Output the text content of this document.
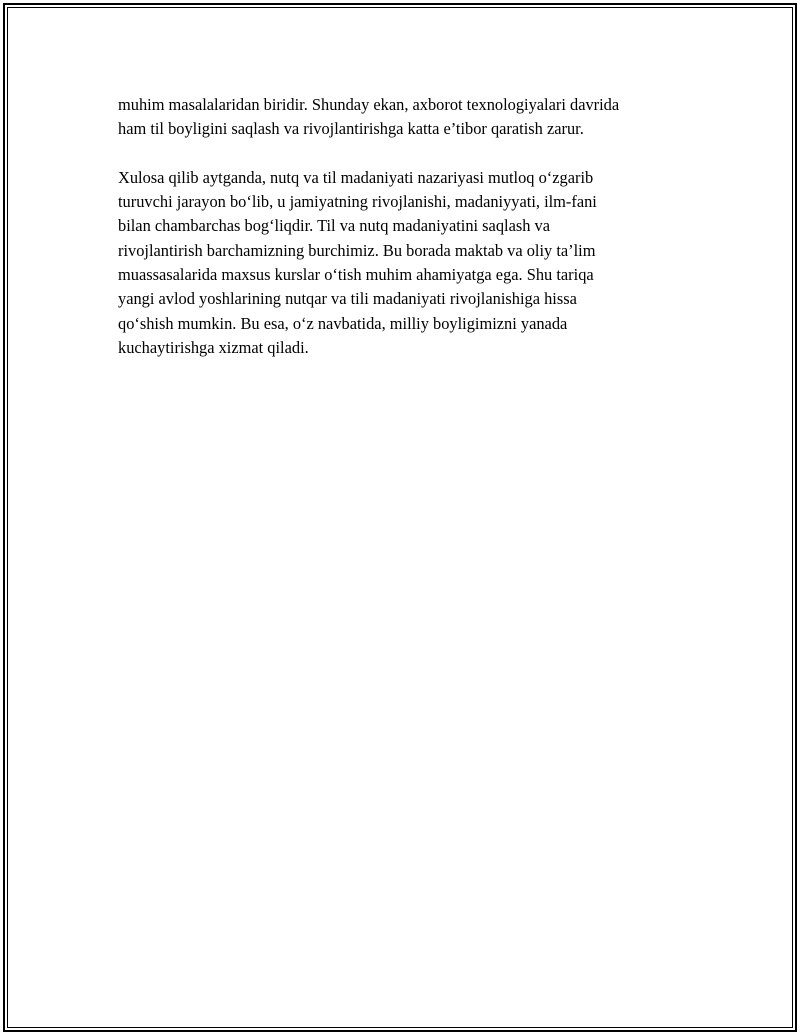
muhim masalalaridan biridir. Shunday ekan, axborot texnologiyalari davrida
ham til boyligini saqlash va rivojlantirishga katta e’tibor qaratish zarur.

Xulosa qilib aytganda, nutq va til madaniyati nazariyasi mutloq o‘zgarib
turuvchi jarayon bo‘lib, u jamiyatning rivojlanishi, madaniyyati, ilm-fani
bilan chambarchas bog‘liqdir. Til va nutq madaniyatini saqlash va
rivojlantirish barchamizning burchimiz. Bu borada maktab va oliy ta’lim
muassasalarida maxsus kurslar o‘tish muhim ahamiyatga ega. Shu tariqa
yangi avlod yoshlarining nutqar va tili madaniyati rivojlanishiga hissa
qo‘shish mumkin. Bu esa, o‘z navbatida, milliy boyligimizni yanada
kuchaytirishga xizmat qiladi.
